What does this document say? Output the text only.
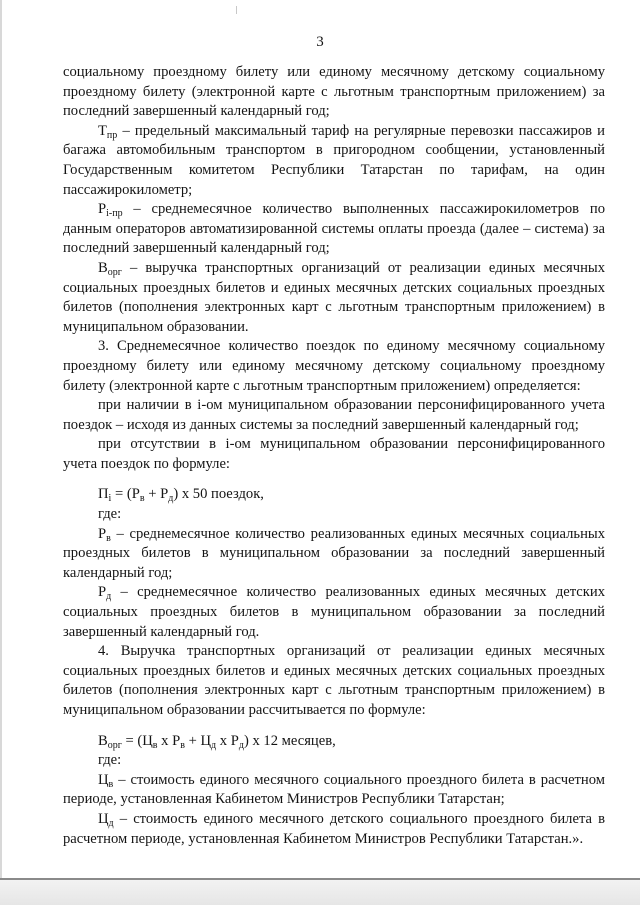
3

социальному проездному билету или единому месячному детскому социальному проездному билету (электронной карте с льготным транспортным приложением) за последний завершенный календарный год;

$Т_{пр}$ – предельный максимальный тариф на регулярные перевозки пассажиров и багажа автомобильным транспортом в пригородном сообщении, установленный Государственным комитетом Республики Татарстан по тарифам, на один пассажирокилометр;

$P_{i-пр}$ – среднемесячное количество выполненных пассажирокилометров по данным операторов автоматизированной системы оплаты проезда (далее – система) за последний завершенный календарный год;

$В_{орг}$ – выручка транспортных организаций от реализации единых месячных социальных проездных билетов и единых месячных детских социальных проездных билетов (пополнения электронных карт с льготным транспортным приложением) в муниципальном образовании.

3. Среднемесячное количество поездок по единому месячному социальному проездному билету или единому месячному детскому социальному проездному билету (электронной карте с льготным транспортным приложением) определяется:

при наличии в i-ом муниципальном образовании персонифицированного учета поездок – исходя из данных системы за последний завершенный календарный год;

при отсутствии в i-ом муниципальном образовании персонифицированного учета поездок по формуле:

$П_i = (Р_в + Р_д)$ х 50 поездок,

где:

$Р_в$ – среднемесячное количество реализованных единых месячных социальных проездных билетов в муниципальном образовании за последний завершенный календарный год;

$Р_д$ – среднемесячное количество реализованных единых месячных детских социальных проездных билетов в муниципальном образовании за последний завершенный календарный год.

4. Выручка транспортных организаций от реализации единых месячных социальных проездных билетов и единых месячных детских социальных проездных билетов (пополнения электронных карт с льготным транспортным приложением) в муниципальном образовании рассчитывается по формуле:

$В_{орг} = (Ц_в$ х $Р_в + Ц_д$ х $Р_д$) х 12 месяцев,

где:

$Ц_в$ – стоимость единого месячного социального проездного билета в расчетном периоде, установленная Кабинетом Министров Республики Татарстан;

$Ц_д$ – стоимость единого месячного детского социального проездного билета в расчетном периоде, установленная Кабинетом Министров Республики Татарстан.».
